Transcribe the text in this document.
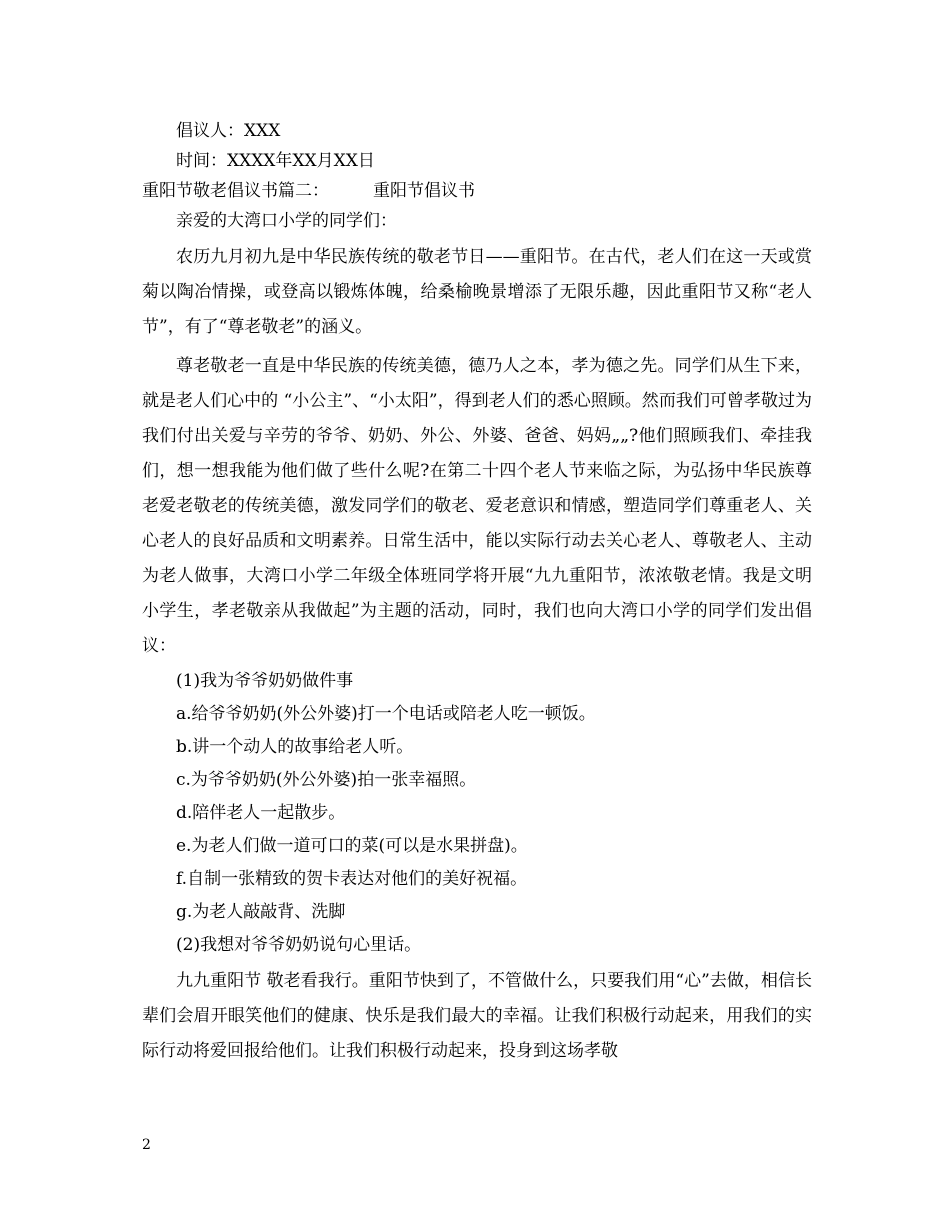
倡议人：XXX
时间：XXXX年XX月XX日
重阳节敬老倡议书篇二：	重阳节倡议书
亲爱的大湾口小学的同学们：
农历九月初九是中华民族传统的敬老节日——重阳节。在古代，老人们在这一天或赏菊以陶冶情操，或登高以锻炼体魄，给桑榆晚景增添了无限乐趣，因此重阳节又称“老人节”，有了“尊老敬老”的涵义。
尊老敬老一直是中华民族的传统美德，德乃人之本，孝为德之先。同学们从生下来，就是老人们心中的 “小公主”、“小太阳”，得到老人们的悉心照顾。然而我们可曾孝敬过为我们付出关爱与辛劳的爷爷、奶奶、外公、外婆、爸爸、妈妈„„?他们照顾我们、牵挂我们，想一想我能为他们做了些什么呢?在第二十四个老人节来临之际，为弘扬中华民族尊老爱老敬老的传统美德，激发同学们的敬老、爱老意识和情感，塑造同学们尊重老人、关心老人的良好品质和文明素养。日常生活中，能以实际行动去关心老人、尊敬老人、主动为老人做事，大湾口小学二年级全体班同学将开展“九九重阳节，浓浓敬老情。我是文明小学生，孝老敬亲从我做起”为主题的活动，同时，我们也向大湾口小学的同学们发出倡议：
(1)我为爷爷奶奶做件事
a.给爷爷奶奶(外公外婆)打一个电话或陪老人吃一顿饭。
b.讲一个动人的故事给老人听。
c.为爷爷奶奶(外公外婆)拍一张幸福照。
d.陪伴老人一起散步。
e.为老人们做一道可口的菜(可以是水果拼盘)。
f.自制一张精致的贺卡表达对他们的美好祝福。
g.为老人敲敲背、洗脚
(2)我想对爷爷奶奶说句心里话。
九九重阳节 敬老看我行。重阳节快到了，不管做什么，只要我们用“心”去做，相信长辈们会眉开眼笑他们的健康、快乐是我们最大的幸福。让我们积极行动起来，用我们的实际行动将爱回报给他们。让我们积极行动起来，投身到这场孝敬
2
